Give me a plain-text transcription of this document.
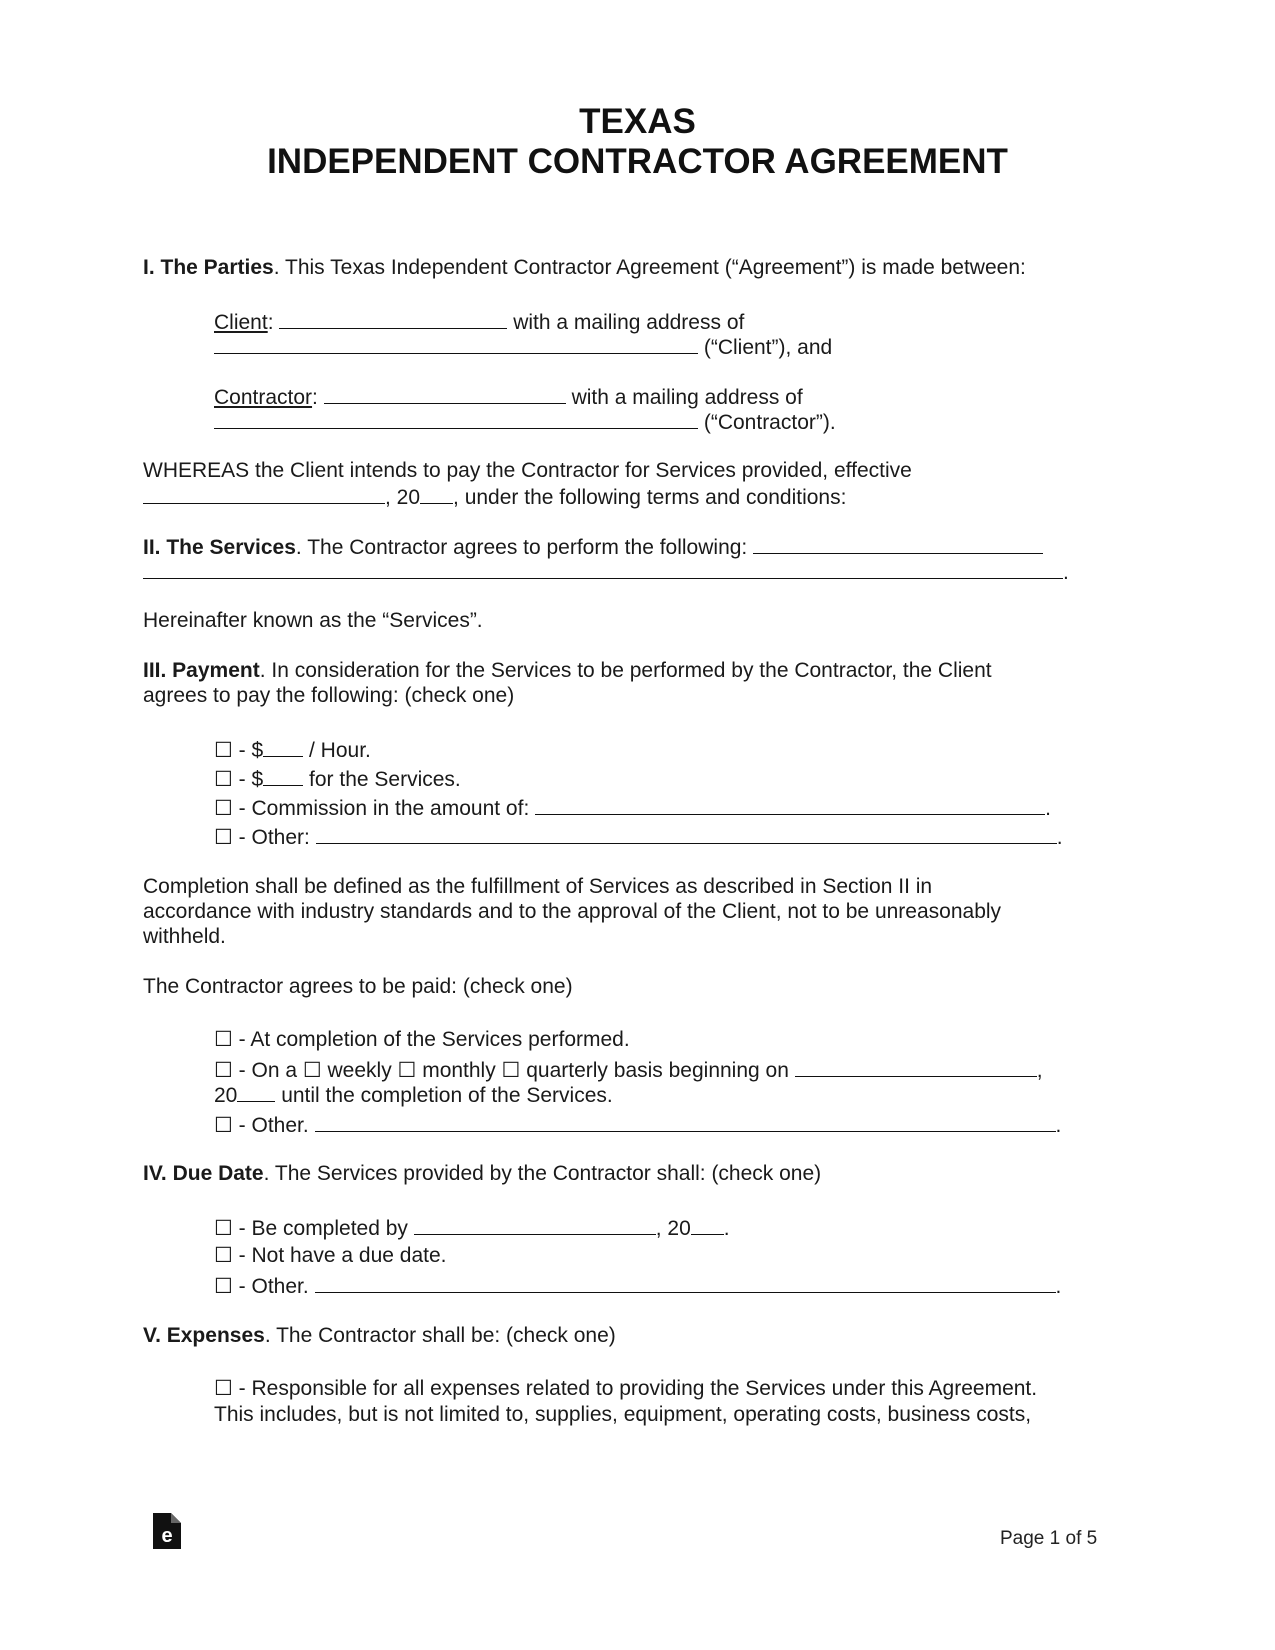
TEXAS
INDEPENDENT CONTRACTOR AGREEMENT
I. The Parties. This Texas Independent Contractor Agreement (“Agreement”) is made between:
Client:	with a mailing address of
(“Client”), and
Contractor:	with a mailing address of
(“Contractor”).
WHEREAS the Client intends to pay the Contractor for Services provided, effective
, 20 , under the following terms and conditions:
II. The Services. The Contractor agrees to perform the following:
.
Hereinafter known as the “Services”.
III. Payment. In consideration for the Services to be performed by the Contractor, the Client
agrees to pay the following: (check one)
☐ - $ / Hour.
☐ - $ for the Services.
☐ - Commission in the amount of:	.
☐ - Other:	.
Completion shall be defined as the fulfillment of Services as described in Section II in
accordance with industry standards and to the approval of the Client, not to be unreasonably
withheld.
The Contractor agrees to be paid: (check one)
☐ - At completion of the Services performed.
☐ - On a ☐ weekly ☐ monthly ☐ quarterly basis beginning on	,
20 until the completion of the Services.
☐ - Other.	.
IV. Due Date. The Services provided by the Contractor shall: (check one)
☐ - Be completed by	, 20 .
☐ - Not have a due date.
☐ - Other.	.
V. Expenses. The Contractor shall be: (check one)
☐ - Responsible for all expenses related to providing the Services under this Agreement.
This includes, but is not limited to, supplies, equipment, operating costs, business costs,
e	Page 1 of 5
